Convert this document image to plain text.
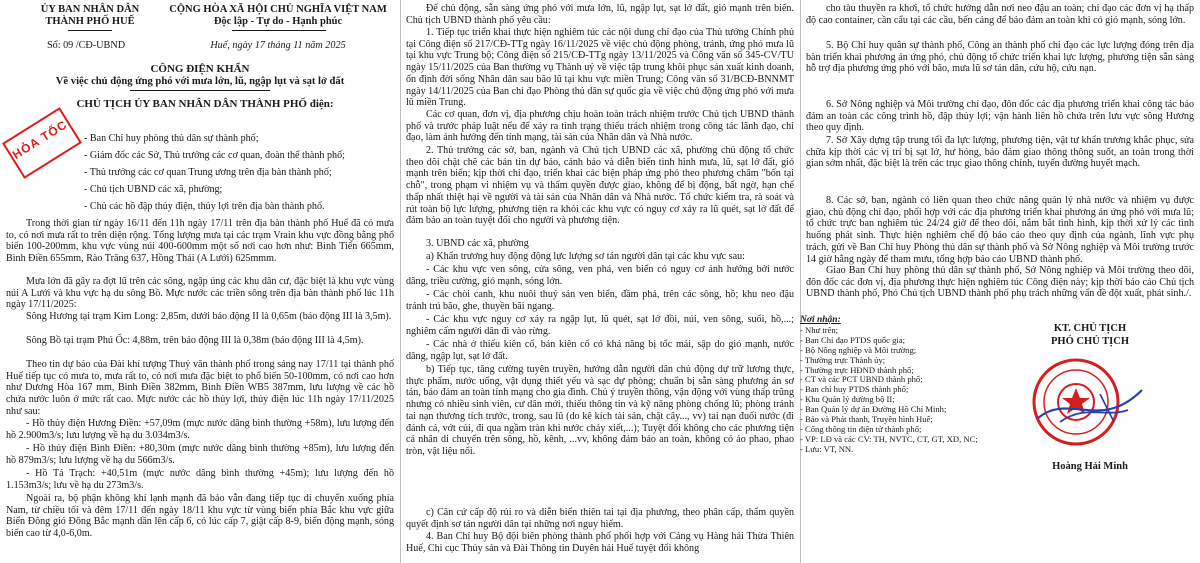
ỦY BAN NHÂN DÂN
THÀNH PHỐ HUẾ
Số: 09 /CĐ-UBND
CỘNG HÒA XÃ HỘI CHỦ NGHĨA VIỆT NAM
Độc lập - Tự do - Hạnh phúc
Huế, ngày 17 tháng 11 năm 2025
CÔNG ĐIỆN KHẨN
Về việc chủ động ứng phó với mưa lớn, lũ, ngập lụt và sạt lở đất
CHỦ TỊCH ỦY BAN NHÂN DÂN THÀNH PHỐ điện:
HỎA TỐC	- Ban Chỉ huy phòng thủ dân sự thành phố;
- Giám đốc các Sở, Thủ trưởng các cơ quan, đoàn thể thành phố;
- Thủ trưởng các cơ quan Trung ương trên địa bàn thành phố;
- Chủ tịch UBND các xã, phường;
- Chủ các hồ đập thủy điện, thủy lợi trên địa bàn thành phố.
Trong thời gian từ ngày 16/11 đến 11h ngày 17/11 trên địa bàn thành phố Huế đã có mưa to, có nơi mưa rất to trên diện rộng. Tổng lượng mưa tại các trạm Vrain khu vực đồng bằng phổ biến 100-200mm, khu vực vùng núi 400-600mm một số nơi cao hơn như: Bình Tiến 665mm, Bình Điền 655mm, Rào Trăng 637, Hồng Thái (A Lưới) 625mmm.
Mưa lớn đã gây ra đợt lũ trên các sông, ngập úng các khu dân cư, đặc biệt là khu vực vùng núi A Lưới và khu vực hạ du sông Bồ. Mực nước các triền sông trên địa bàn thành phố lúc 11h ngày 17/11/2025:
Sông Hương tại trạm Kim Long: 2,85m, dưới báo động II là 0,65m (báo động III là 3,5m).
Sông Bồ tại trạm Phú Ốc: 4,88m, trên báo động III là 0,38m (báo động III là 4,5m).
Theo tin dự báo của Đài khí tượng Thuỷ văn thành phố trong sáng nay 17/11 tại thành phố Huế tiếp tục có mưa to, mưa rất to, có nơi mưa đặc biệt to phổ biến 50-100mm, có nơi cao hơn như Dương Hòa 167 mm, Bình Điền 382mm, Bình Điền WB5 387mm, lưu lượng về các hồ chứa nước luôn ở mức rất cao. Mực nước các hồ thủy lợi, thủy điện lúc 11h ngày 17/11/2025 như sau:
- Hồ thủy điện Hương Điền: +57,09m (mực nước dâng bình thường +58m), lưu lượng đến hồ 2.900m3/s; lưu lượng về hạ du 3.034m3/s.
- Hồ thủy điện Bình Điền: +80,30m (mực nước dâng bình thường +85m), lưu lượng đến hồ 879m3/s; lưu lượng về hạ du 566m3/s.
- Hồ Tả Trạch: +40,51m (mực nước dâng bình thường +45m); lưu lượng đến hồ 1.153m3/s; lưu về hạ du 273m3/s.
Ngoài ra, bộ phận không khí lạnh mạnh đã bảo vẫn đang tiếp tục di chuyển xuống phía Nam, từ chiều tối và đêm 17/11 đến ngày 18/11 khu vực từ vùng biển phía Bắc khu vực giữa Biển Đông gió Đông Bắc mạnh dần lên cấp 6, có lúc cấp 7, giật cấp 8-9, biển động mạnh, sóng biển cao từ 4,0-6,0m.
Để chủ động, sẵn sàng ứng phó với mưa lớn, lũ, ngập lụt, sạt lở đất, gió mạnh trên biển. Chủ tịch UBND thành phố yêu cầu:
1. Tiếp tục triển khai thực hiện nghiêm túc các nội dung chỉ đạo của Thủ tướng Chính phủ tại Công điện số 217/CĐ-TTg ngày 16/11/2025 về việc chủ động phòng, tránh, ứng phó mưa lũ tại khu vực Trung bộ; Công điện số 215/CĐ-TTg ngày 13/11/2025 và Công văn số 345-CV/TU ngày 15/11/2025 của Ban thường vụ Thành uỷ về việc tập trung khôi phục sản xuất kinh doanh, ổn định đời sống Nhân dân sau bão lũ tại khu vực miền Trung; Công văn số 31/BCĐ-BNNMT ngày 14/11/2025 của Ban chỉ đạo Phòng thủ dân sự quốc gia về việc chủ động ứng phó với mưa lũ miền Trung.
Các cơ quan, đơn vị, địa phương chịu hoàn toàn trách nhiệm trước Chủ tịch UBND thành phố và trước pháp luật nếu để xảy ra tình trạng thiếu trách nhiệm trong công tác lãnh đạo, chỉ đạo, làm ảnh hưởng đến tính mạng, tài sản của Nhân dân và Nhà nước.
2. Thủ trưởng các sở, ban, ngành và Chủ tịch UBND các xã, phường chủ động tổ chức theo dõi chặt chẽ các bản tin dự báo, cảnh báo và diễn biến tình hình mưa, lũ, sạt lở đất, gió mạnh trên biển; kịp thời chỉ đạo, triển khai các biện pháp ứng phó theo phương châm "bốn tại chỗ", trong phạm vi nhiệm vụ và thẩm quyền được giao, không để bị động, bất ngờ, hạn chế thấp nhất thiệt hại về người và tài sản của Nhân dân và Nhà nước. Tổ chức kiểm tra, rà soát và rút toàn bộ lực lượng, phương tiện ra khỏi các khu vực có nguy cơ xảy ra lũ quét, sạt lở đất để đảm bảo an toàn tuyệt đối cho người và phương tiện.
3. UBND các xã, phường
a) Khẩn trương huy động động lực lượng sơ tán người dân tại các khu vực sau:
- Các khu vực ven sông, cửa sông, ven phá, ven biển có nguy cơ ảnh hưởng bởi nước dâng, triều cường, gió mạnh, sóng lớn.
- Các chòi canh, khu nuôi thuỷ sản ven biển, đầm phá, trên các sông, hồ; khu neo đậu tránh trú bão, ghe, thuyền bãi ngang.
- Các khu vực nguy cơ xảy ra ngập lụt, lũ quét, sạt lở đồi, núi, ven sông, suối, hồ,...; nghiêm cấm người dân đi vào rừng.
- Các nhà ở thiếu kiên cố, bán kiên cố có khả năng bị tốc mái, sập do gió mạnh, nước dâng, ngập lụt, sạt lở đất.
b) Tiếp tục, tăng cường tuyên truyền, hướng dẫn người dân chủ động dự trữ lương thực, thực phẩm, nước uống, vật dụng thiết yếu và sạc dự phòng; chuẩn bị sẵn sàng phương án sơ tán, bảo đảm an toàn tính mạng cho gia đình. Chủ ý truyền thông, vận động với vùng thấp trũng nhưng có nhiều sinh viên, cư dân mới, thiếu thông tin và kỹ năng phòng chống lũ; phòng tránh tai nạn thương tích trước, trong, sau lũ (do kê kích tài sản, chặt cây..., vv) tai nạn đuối nước (đi đánh cá, vớt củi, đi qua ngầm tràn khi nước chảy xiết,...); Tuyệt đối không cho các phương tiện cá nhân di chuyển trên sông, hồ, kênh, ...vv, không đảm bảo an toàn, không có áo phao, phao tròn, vật liệu nổi.
c) Căn cứ cấp độ rủi ro và diễn biến thiên tai tại địa phương, theo phân cấp, thẩm quyền quyết định sơ tán người dân tại những nơi nguy hiểm.
4. Ban Chỉ huy Bộ đội biên phòng thành phố phối hợp với Cảng vụ Hàng hải Thừa Thiên Huế, Chi cục Thủy sản và Đài Thông tin Duyên hải Huế tuyệt đối không
cho tàu thuyền ra khơi, tổ chức hướng dẫn nơi neo đậu an toàn; chỉ đạo các đơn vị hạ thấp độ cao container, cần cẩu tại các cầu, bến cảng để bảo đảm an toàn khi có gió mạnh, sóng lớn.
5. Bộ Chỉ huy quân sự thành phố, Công an thành phố chỉ đạo các lực lượng đóng trên địa bàn triển khai phương án ứng phó, chủ động tổ chức triển khai lực lượng, phương tiện sẵn sàng hỗ trợ địa phương ứng phó với bão, mưa lũ sơ tán dân, cứu hộ, cứu nạn.
6. Sở Nông nghiệp và Môi trường chỉ đạo, đôn đốc các địa phương triển khai công tác bảo đảm an toàn các công trình hồ, đập thủy lợi; vận hành liên hồ chứa trên lưu vực sông Hương theo quy định.
7. Sở Xây dựng tập trung tối đa lực lượng, phương tiện, vật tư khẩn trương khắc phục, sửa chữa kịp thời các vị trí bị sạt lở, hư hỏng, bảo đảm giao thông thông suốt, an toàn trong thời gian sớm nhất, đặc biệt là trên các trục giao thông chính, tuyến đường huyết mạch.
8. Các sở, ban, ngành có liên quan theo chức năng quản lý nhà nước và nhiệm vụ được giao, chủ động chỉ đạo, phối hợp với các địa phương triển khai phương án ứng phó với mưa lũ; tổ chức trực ban nghiêm túc 24/24 giờ để theo dõi, nắm bắt tình hình, kịp thời xử lý các tình huống phát sinh. Thực hiện nghiêm chế độ báo cáo theo quy định của ngành, lĩnh vực phụ trách, gửi về Ban Chỉ huy Phòng thủ dân sự thành phố và Sở Nông nghiệp và Môi trường trước 14 giờ hằng ngày để tham mưu, tổng hợp báo cáo UBND thành phố.
Giao Ban Chỉ huy phòng thủ dân sự thành phố, Sở Nông nghiệp và Môi trường theo dõi, đôn đốc các đơn vị, địa phương thực hiện nghiêm túc Công điện này; kịp thời báo cáo Chủ tịch UBND thành phố, Phó Chủ tịch UBND thành phố phụ trách những vấn đề đột xuất, phát sinh./.
Nơi nhận:
- Như trên;
- Ban Chỉ đạo PTDS quốc gia;
- Bộ Nông nghiệp và Môi trường;
- Thường trực Thành ủy;
- Thường trực HĐND thành phố;
- CT và các PCT UBND thành phố;
- Ban chỉ huy PTDS thành phố;
- Khu Quản lý đường bộ II;
- Ban Quản lý dự án Đường Hồ Chí Minh;
- Báo và Phát thanh, Truyền hình Huế;
- Cổng thông tin điện tử thành phố;
- VP: LĐ và các CV: TH, NVTC, CT, GT, XD, NC;
- Lưu: VT, NN.
KT. CHỦ TỊCH
PHÓ CHỦ TỊCH
Hoàng Hải Minh
